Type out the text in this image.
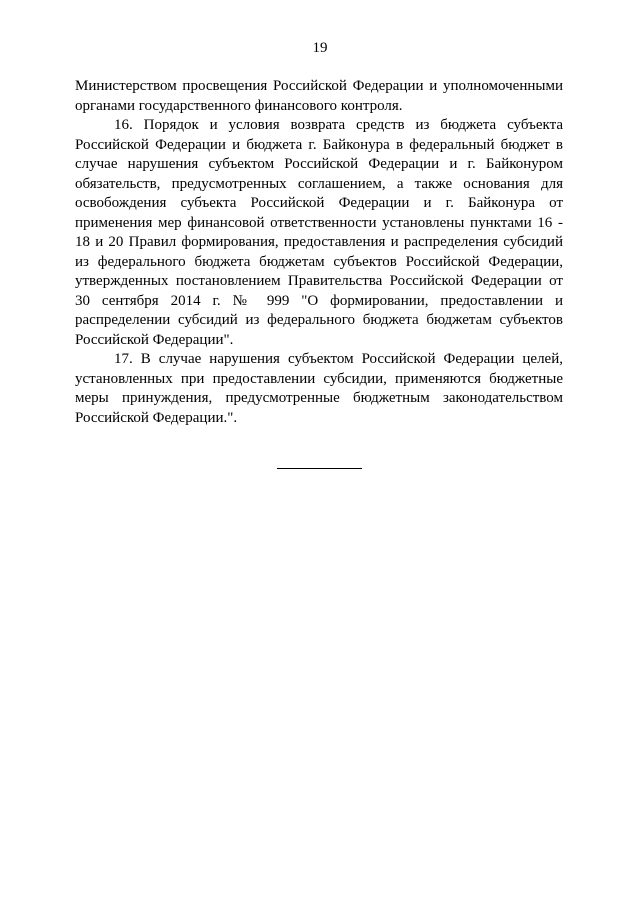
19

Министерством просвещения Российской Федерации и уполномоченными органами государственного финансового контроля.

16. Порядок и условия возврата средств из бюджета субъекта Российской Федерации и бюджета г. Байконура в федеральный бюджет в случае нарушения субъектом Российской Федерации и г. Байконуром обязательств, предусмотренных соглашением, а также основания для освобождения субъекта Российской Федерации и г. Байконура от применения мер финансовой ответственности установлены пунктами 16 - 18 и 20 Правил формирования, предоставления и распределения субсидий из федерального бюджета бюджетам субъектов Российской Федерации, утвержденных постановлением Правительства Российской Федерации от 30 сентября 2014 г. № 999 "О формировании, предоставлении и распределении субсидий из федерального бюджета бюджетам субъектов Российской Федерации".

17. В случае нарушения субъектом Российской Федерации целей, установленных при предоставлении субсидии, применяются бюджетные меры принуждения, предусмотренные бюджетным законодательством Российской Федерации.".
